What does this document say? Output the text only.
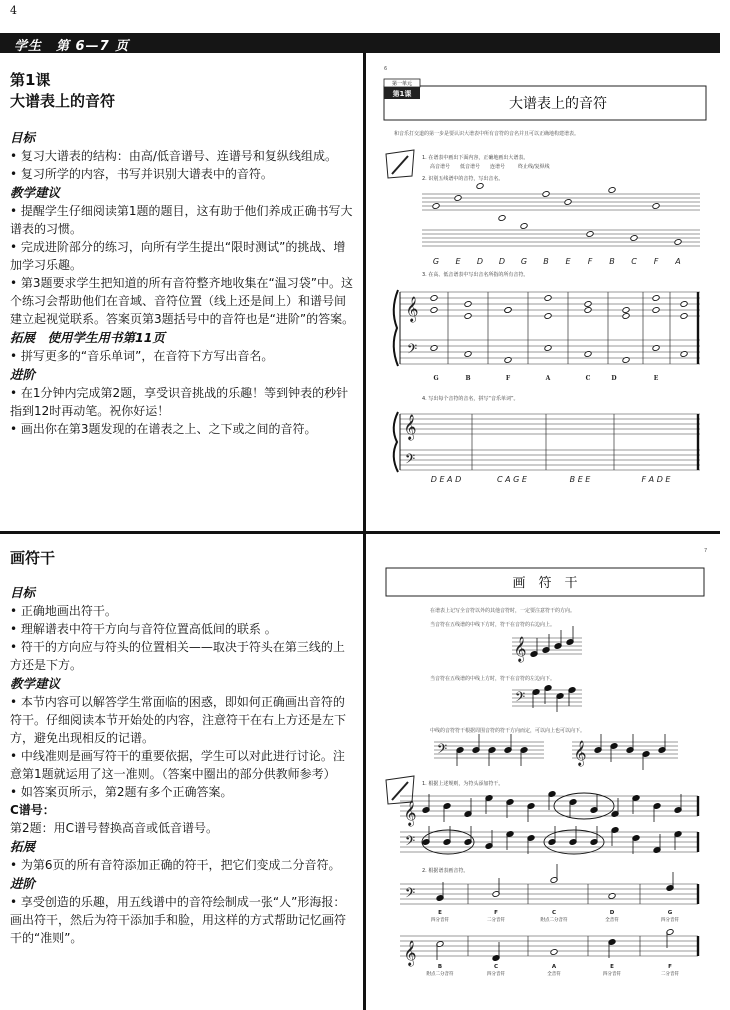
4
学生　第 6—7 页

第1课

大谱表上的音符

目标

• 复习大谱表的结构：由高/低音谱号、连谱号和复纵线组成。

• 复习所学的内容，书写并识别大谱表中的音符。

教学建议

• 提醒学生仔细阅读第1题的题目，这有助于他们养成正确书写大谱表的习惯。

• 完成进阶部分的练习，向所有学生提出“限时测试”的挑战、增加学习乐趣。

• 第3题要求学生把知道的所有音符整齐地收集在“温习袋”中。这个练习会帮助他们在音域、音符位置（线上还是间上）和谱号间建立起视觉联系。答案页第3题括号中的音符也是“进阶”的答案。

拓展　使用学生用书第11页

• 拼写更多的“音乐单词”，在音符下方写出音名。

进阶

• 在1分钟内完成第2题，享受识音挑战的乐趣！等到钟表的秒针指到12时再动笔。祝你好运！

• 画出你在第3题发现的在谱表之上、之下或之间的音符。

画符干

目标

• 正确地画出符干。

• 理解谱表中符干方向与音符位置高低间的联系 。

• 符干的方向应与符头的位置相关——取决于符头在第三线的上方还是下方。

教学建议

• 本节内容可以解答学生常面临的困惑，即如何正确画出音符的符干。仔细阅读本节开始处的内容，注意符干在右上方还是左下方，避免出现相反的记谱。

• 中线准则是画写符干的重要依据，学生可以对此进行讨论。注意第1题就运用了这一准则。（答案中圈出的部分供教师参考）

• 如答案页所示，第2题有多个正确答案。

C谱号：

第2题：用C谱号替换高音或低音谱号。

拓展

• 为第6页的所有音符添加正确的符干，把它们变成二分音符。

进阶

• 享受创造的乐趣，用五线谱中的音符绘制成一张“人”形海报：画出符干，然后为符干添加手和脸，用这样的方式帮助记忆画符干的“准则”。

6
第一单元
第1课
大谱表上的音符
和音乐打交道的第一步是要认识大谱表中所有音符的音名并且可以正确地构建谱表。
1. 在谱表中画出下面内容，正确地画出大谱表。
高音谱号 低音谱号 连谱号	终止线/复纵线
2. 识别五线谱中的音符，写出音名。
G E D D G B E F B C F A
3. 在高、低音谱表中写出音名所指的所有音符。
𝄞
𝄢
G	B	F	A	C	D	E
4. 写出每个音符的音名，拼写“音乐单词”。
𝄞
𝄢
D E A D	C A G E	B E E	F A D E
7
画　符　干
在谱表上记写全音符以外的其他音符时，一定要注意符干的方向。
当音符在五线谱的中线下方时，符干在音符的右边向上。
𝄞
当音符在五线谱的中线上方时，符干在音符的左边向下。
𝄢
中线的音符符干根据周围音符的符干方向而定，可以向上也可以向下。
𝄢	𝄞
1. 根据上述规则，为符头添加符干。
𝄞
𝄢
2. 根据谱表画音符。
𝄢
E	F	C	D	G
四分音符	二分音符	附点二分音符	全音符	四分音符
𝄞
B	C	A	E	F
附点二分音符	四分音符	全音符	四分音符	二分音符
